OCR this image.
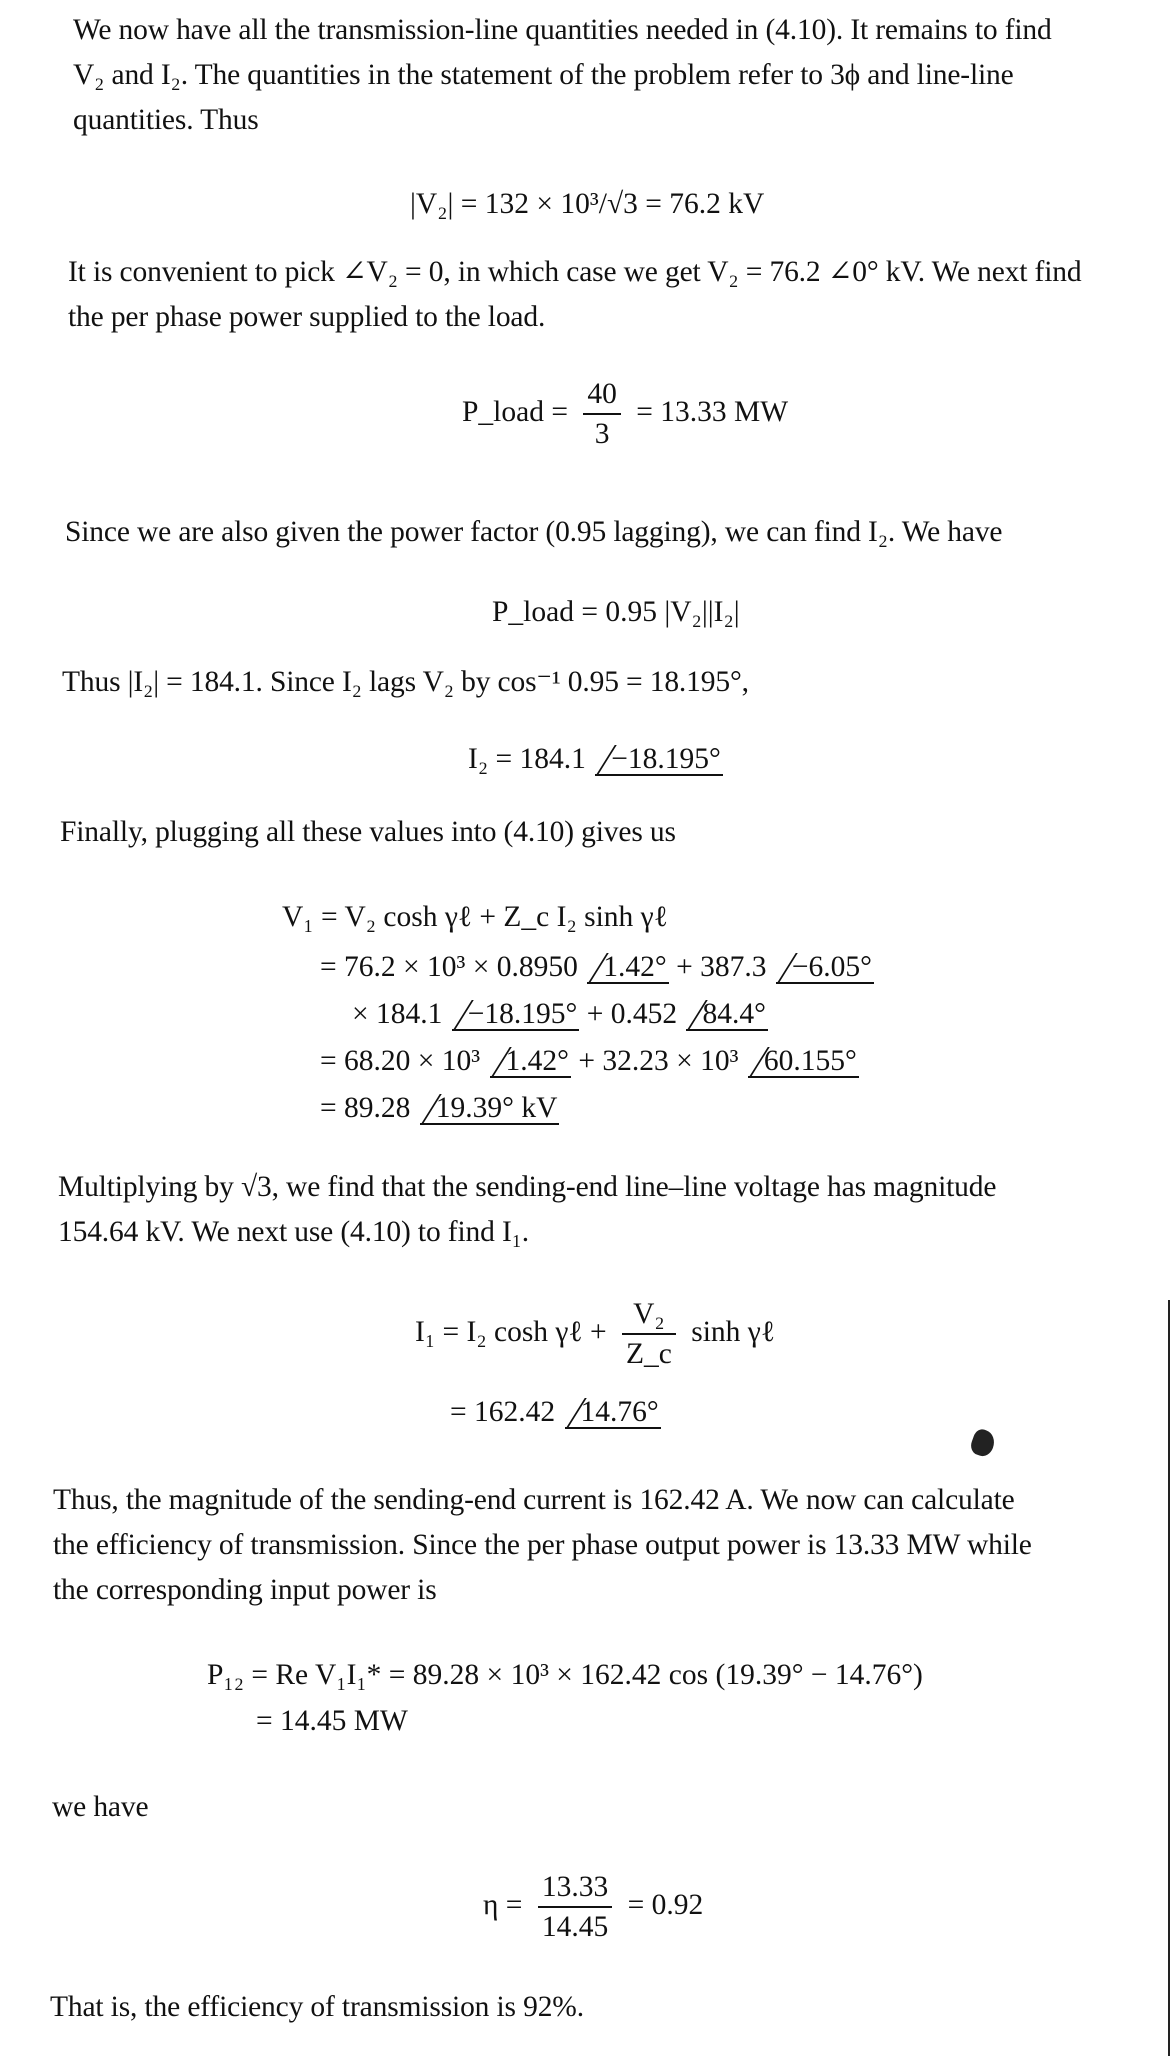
We now have all the transmission-line quantities needed in (4.10). It remains to find
V₂ and I₂. The quantities in the statement of the problem refer to 3ϕ and line-line
quantities. Thus
|V₂| = 132 × 10³/√3 = 76.2 kV
It is convenient to pick ∠V₂ = 0, in which case we get V₂ = 76.2 ∠0° kV. We next find
the per phase power supplied to the load.
P_load = $\frac{40}{3} = 13.33$ MW
Since we are also given the power factor (0.95 lagging), we can find I₂. We have
P_load = 0.95 |V₂||I₂|
Thus |I₂| = 184.1. Since I₂ lags V₂ by cos⁻¹ 0.95 = 18.195°,
I₂ = 184.1 −18.195°
Finally, plugging all these values into (4.10) gives us
V₁ = V₂ cosh γℓ + Z_c I₂ sinh γℓ
= 76.2 × 10³ × 0.8950 1.42° + 387.3 −6.05°
× 184.1 −18.195° + 0.452 84.4°
= 68.20 × 10³ 1.42° + 32.23 × 10³ 60.155°
= 89.28 19.39° kV
Multiplying by √3, we find that the sending-end line–line voltage has magnitude
154.64 kV. We next use (4.10) to find I₁.
I₁ = I₂ cosh γℓ + $\frac{\text{V₂}}{Z\_c}$ sinh γℓ
= 162.42 14.76°
Thus, the magnitude of the sending-end current is 162.42 A. We now can calculate
the efficiency of transmission. Since the per phase output power is 13.33 MW while
the corresponding input power is
P₁₂ = Re V₁I₁* = 89.28 × 10³ × 162.42 cos (19.39° − 14.76°)
= 14.45 MW
we have
$\eta = \frac{13.33}{14.45} = 0.92$
That is, the efficiency of transmission is 92%.
